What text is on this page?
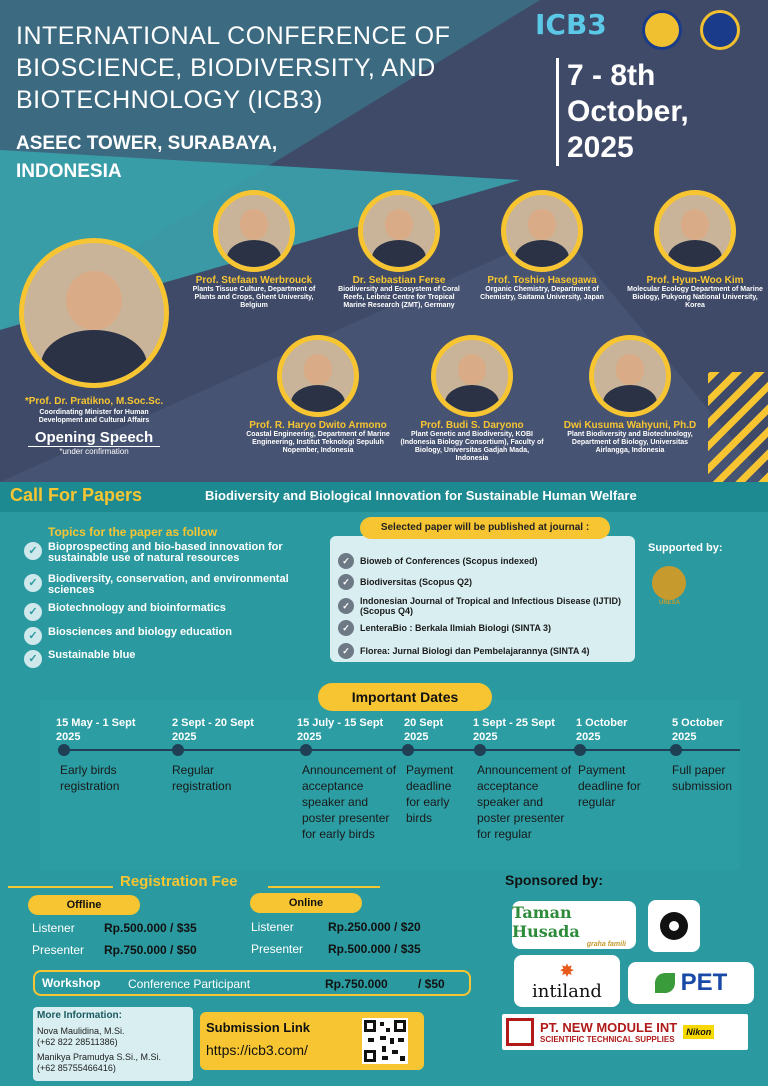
INTERNATIONAL CONFERENCE OF BIOSCIENCE, BIODIVERSITY, AND BIOTECHNOLOGY (ICB3)
ASEEC TOWER, SURABAYA, INDONESIA
ICB3
7 - 8th
October,
2025
*Prof. Dr. Pratikno, M.Soc.Sc.
Coordinating Minister for Human Development and Cultural Affairs
Opening Speech
*under confirmation
Prof. Stefaan Werbrouck
Plants Tissue Culture, Department of Plants and Crops, Ghent University, Belgium
Dr. Sebastian Ferse
Biodiversity and Ecosystem of Coral Reefs, Leibniz Centre for Tropical Marine Research (ZMT), Germany
Prof. Toshio Hasegawa
Organic Chemistry, Department of Chemistry, Saitama University, Japan
Prof. Hyun-Woo Kim
Molecular Ecology Department of Marine Biology, Pukyong National University, Korea
Prof. R. Haryo Dwito Armono
Coastal Engineering, Department of Marine Engineering, Institut Teknologi Sepuluh Nopember, Indonesia
Prof. Budi S. Daryono
Plant Genetic and Biodiversity, KOBI (Indonesia Biology Consortium), Faculty of Biology, Universitas Gadjah Mada, Indonesia
Dwi Kusuma Wahyuni, Ph.D
Plant Biodiversity and Biotechnology, Department of Biology, Universitas Airlangga, Indonesia
Call For Papers	Biodiversity and Biological Innovation for Sustainable Human Welfare
Topics for the paper as follow
✓ Bioprospecting and bio-based innovation for sustainable use of natural resources
✓ Biodiversity, conservation, and environmental sciences
✓ Biotechnology and bioinformatics
✓ Biosciences and biology education
✓ Sustainable blue
Selected paper will be published at journal :
✓	Bioweb of Conferences (Scopus indexed)
✓	Biodiversitas (Scopus Q2)
✓	Indonesian Journal of Tropical and Infectious Disease (IJTID) (Scopus Q4)
✓	LenteraBio : Berkala Ilmiah Biologi (SINTA 3)
✓	Florea: Jurnal Biologi dan Pembelajarannya (SINTA 4)
Supported by:
UNESA
Important Dates
15 May - 1 Sept 2025
Early birds registration
2 Sept - 20 Sept 2025
Regular registration
15 July - 15 Sept 2025
Announcement of acceptance speaker and poster presenter for early birds
20 Sept 2025
Payment deadline for early birds
1 Sept - 25 Sept 2025
Announcement of acceptance speaker and poster presenter for regular
1 October 2025
Payment deadline for regular
5 October 2025
Full paper submission
Registration Fee
Offline	Online
Listener Rp.500.000 / $35
Presenter Rp.750.000 / $50
Listener	Rp.250.000 / $20
Presenter Rp.500.000 / $35
Workshop Conference Participant	Rp.750.000	/ $50
More Information:
Nova Maulidina, M.Si.
(+62 822 28511386)
Manikya Pramudya S.Si., M.Si.
(+62 85755466416)
Submission Link
https://icb3.com/
Sponsored by:
Taman Husada
graha famili
✸
intiland	PET
PT. NEW MODULE INT
SCIENTIFIC TECHNICAL SUPPLIES
Nikon
